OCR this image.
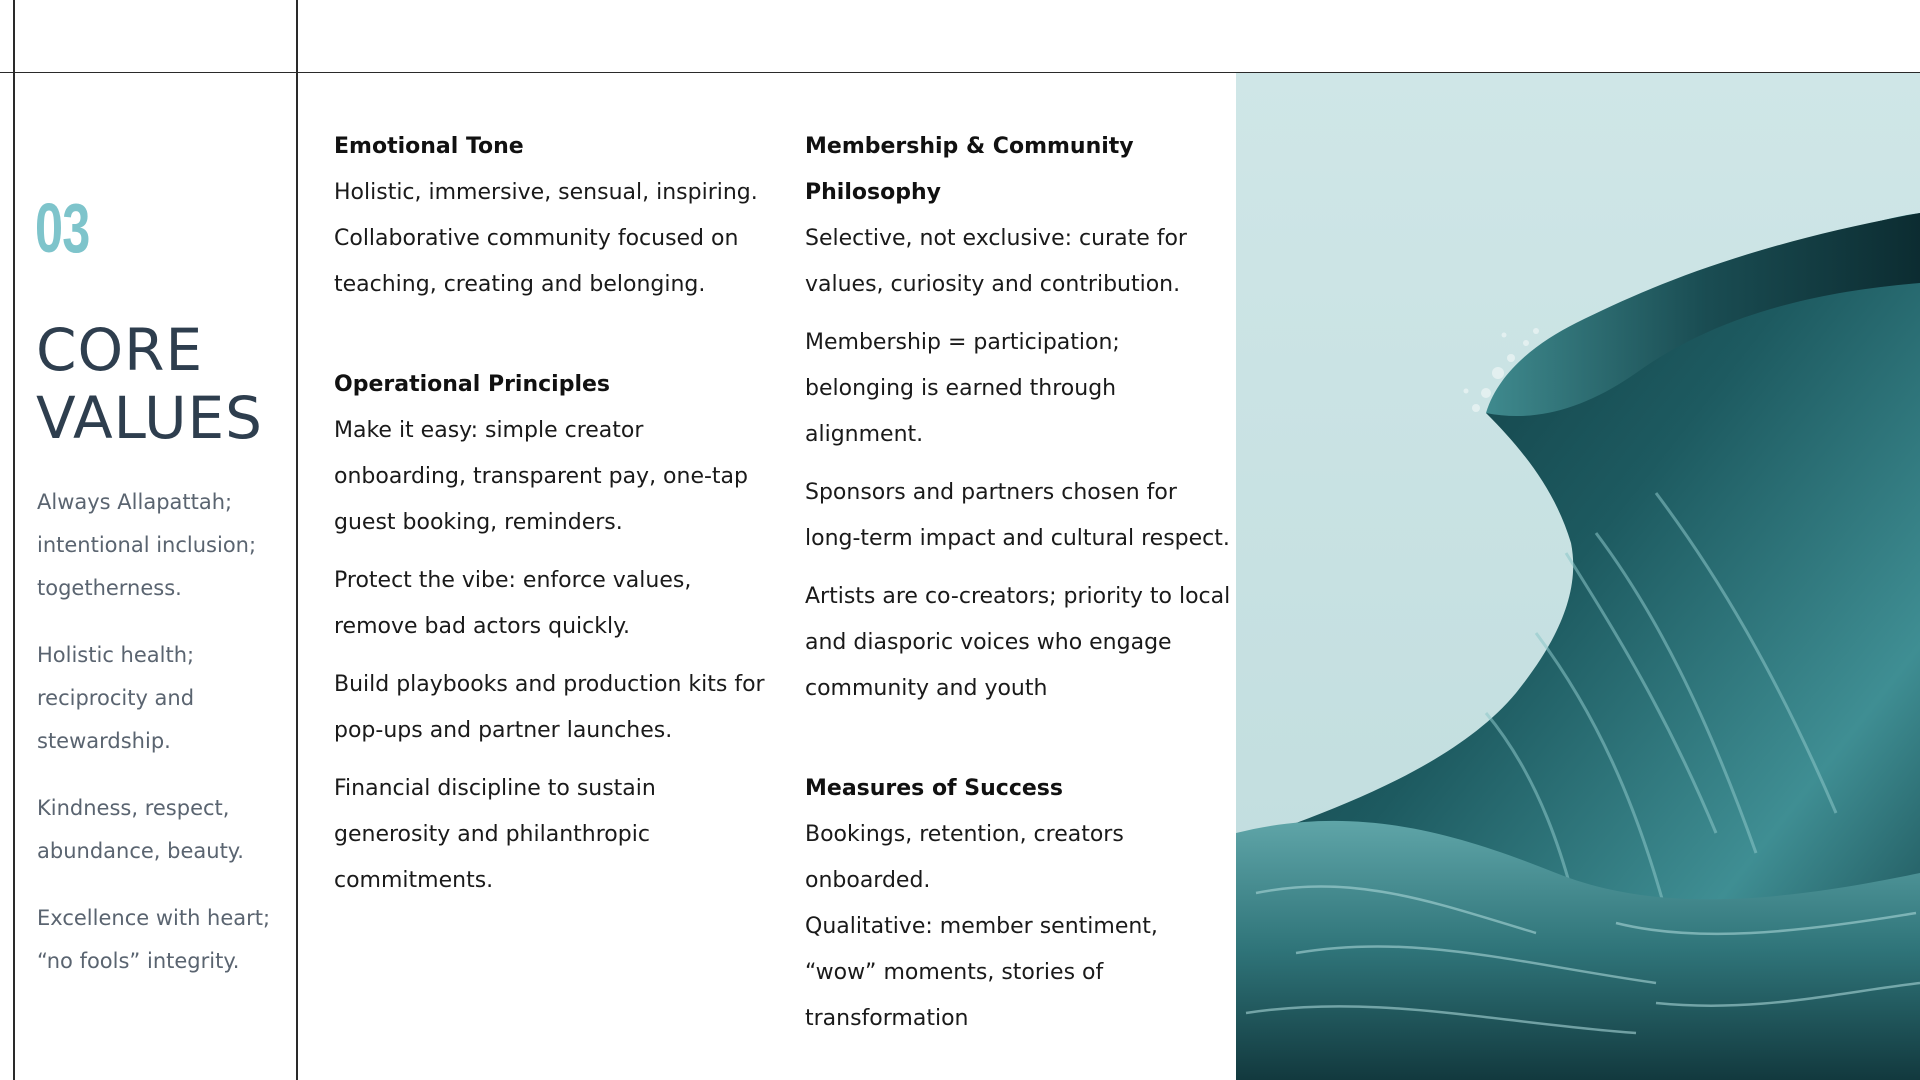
03
CORE
VALUES
Always Allapattah;
intentional inclusion;
togetherness.
Holistic health;
reciprocity and
stewardship.
Kindness, respect,
abundance, beauty.
Excellence with heart;
“no fools” integrity.
Emotional Tone

Holistic, immersive, sensual, inspiring. Collaborative community focused on teaching, creating and belonging.

Operational Principles

Make it easy: simple creator onboarding, transparent pay, one-tap guest booking, reminders.

Protect the vibe: enforce values, remove bad actors quickly.

Build playbooks and production kits for pop-ups and partner launches.

Financial discipline to sustain generosity and philanthropic commitments.

Membership & Community Philosophy

Selective, not exclusive: curate for values, curiosity and contribution.

Membership = participation; belonging is earned through alignment.

Sponsors and partners chosen for long-term impact and cultural respect.

Artists are co-creators; priority to local and diasporic voices who engage community and youth

Measures of Success

Bookings, retention, creators onboarded.

Qualitative: member sentiment, “wow” moments, stories of transformation
